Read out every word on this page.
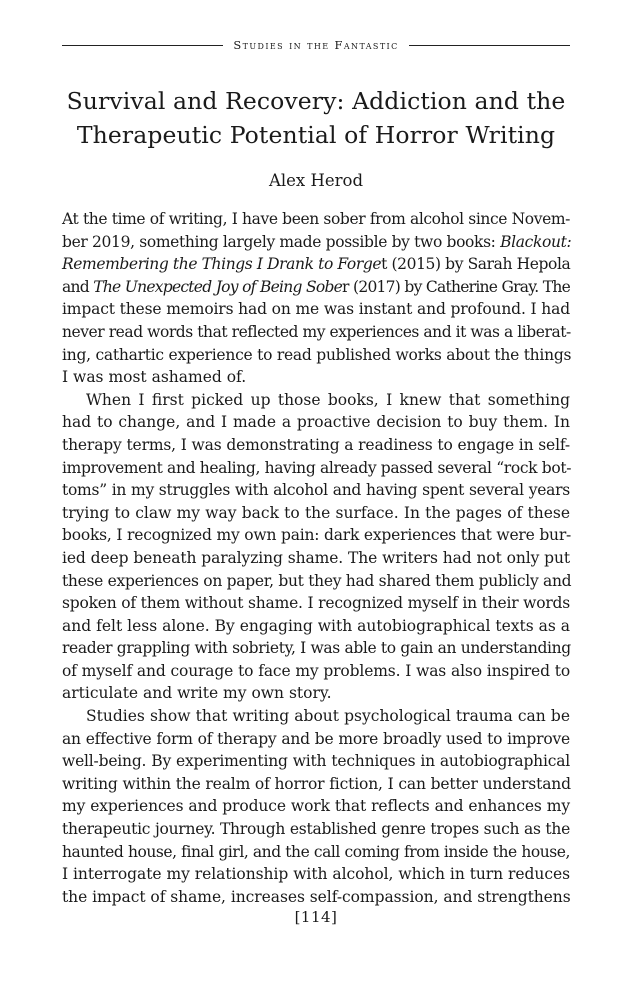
Studies in the Fantastic
Survival and Recovery: Addiction and the
Therapeutic Potential of Horror Writing

Alex Herod

At the time of writing, I have been sober from alcohol since Novem-
ber 2019, something largely made possible by two books: Blackout:
Remembering the Things I Drank to Forget (2015) by Sarah Hepola
and The Unexpected Joy of Being Sober (2017) by Catherine Gray. The
impact these memoirs had on me was instant and profound. I had
never read words that reflected my experiences and it was a liberat-
ing, cathartic experience to read published works about the things
I was most ashamed of.

When I first picked up those books, I knew that something
had to change, and I made a proactive decision to buy them. In
therapy terms, I was demonstrating a readiness to engage in self-
improvement and healing, having already passed several “rock bot-
toms” in my struggles with alcohol and having spent several years
trying to claw my way back to the surface. In the pages of these
books, I recognized my own pain: dark experiences that were bur-
ied deep beneath paralyzing shame. The writers had not only put
these experiences on paper, but they had shared them publicly and
spoken of them without shame. I recognized myself in their words
and felt less alone. By engaging with autobiographical texts as a
reader grappling with sobriety, I was able to gain an understanding
of myself and courage to face my problems. I was also inspired to
articulate and write my own story.

Studies show that writing about psychological trauma can be
an effective form of therapy and be more broadly used to improve
well-being. By experimenting with techniques in autobiographical
writing within the realm of horror fiction, I can better understand
my experiences and produce work that reflects and enhances my
therapeutic journey. Through established genre tropes such as the
haunted house, final girl, and the call coming from inside the house,
I interrogate my relationship with alcohol, which in turn reduces
the impact of shame, increases self-compassion, and strengthens

[114]
